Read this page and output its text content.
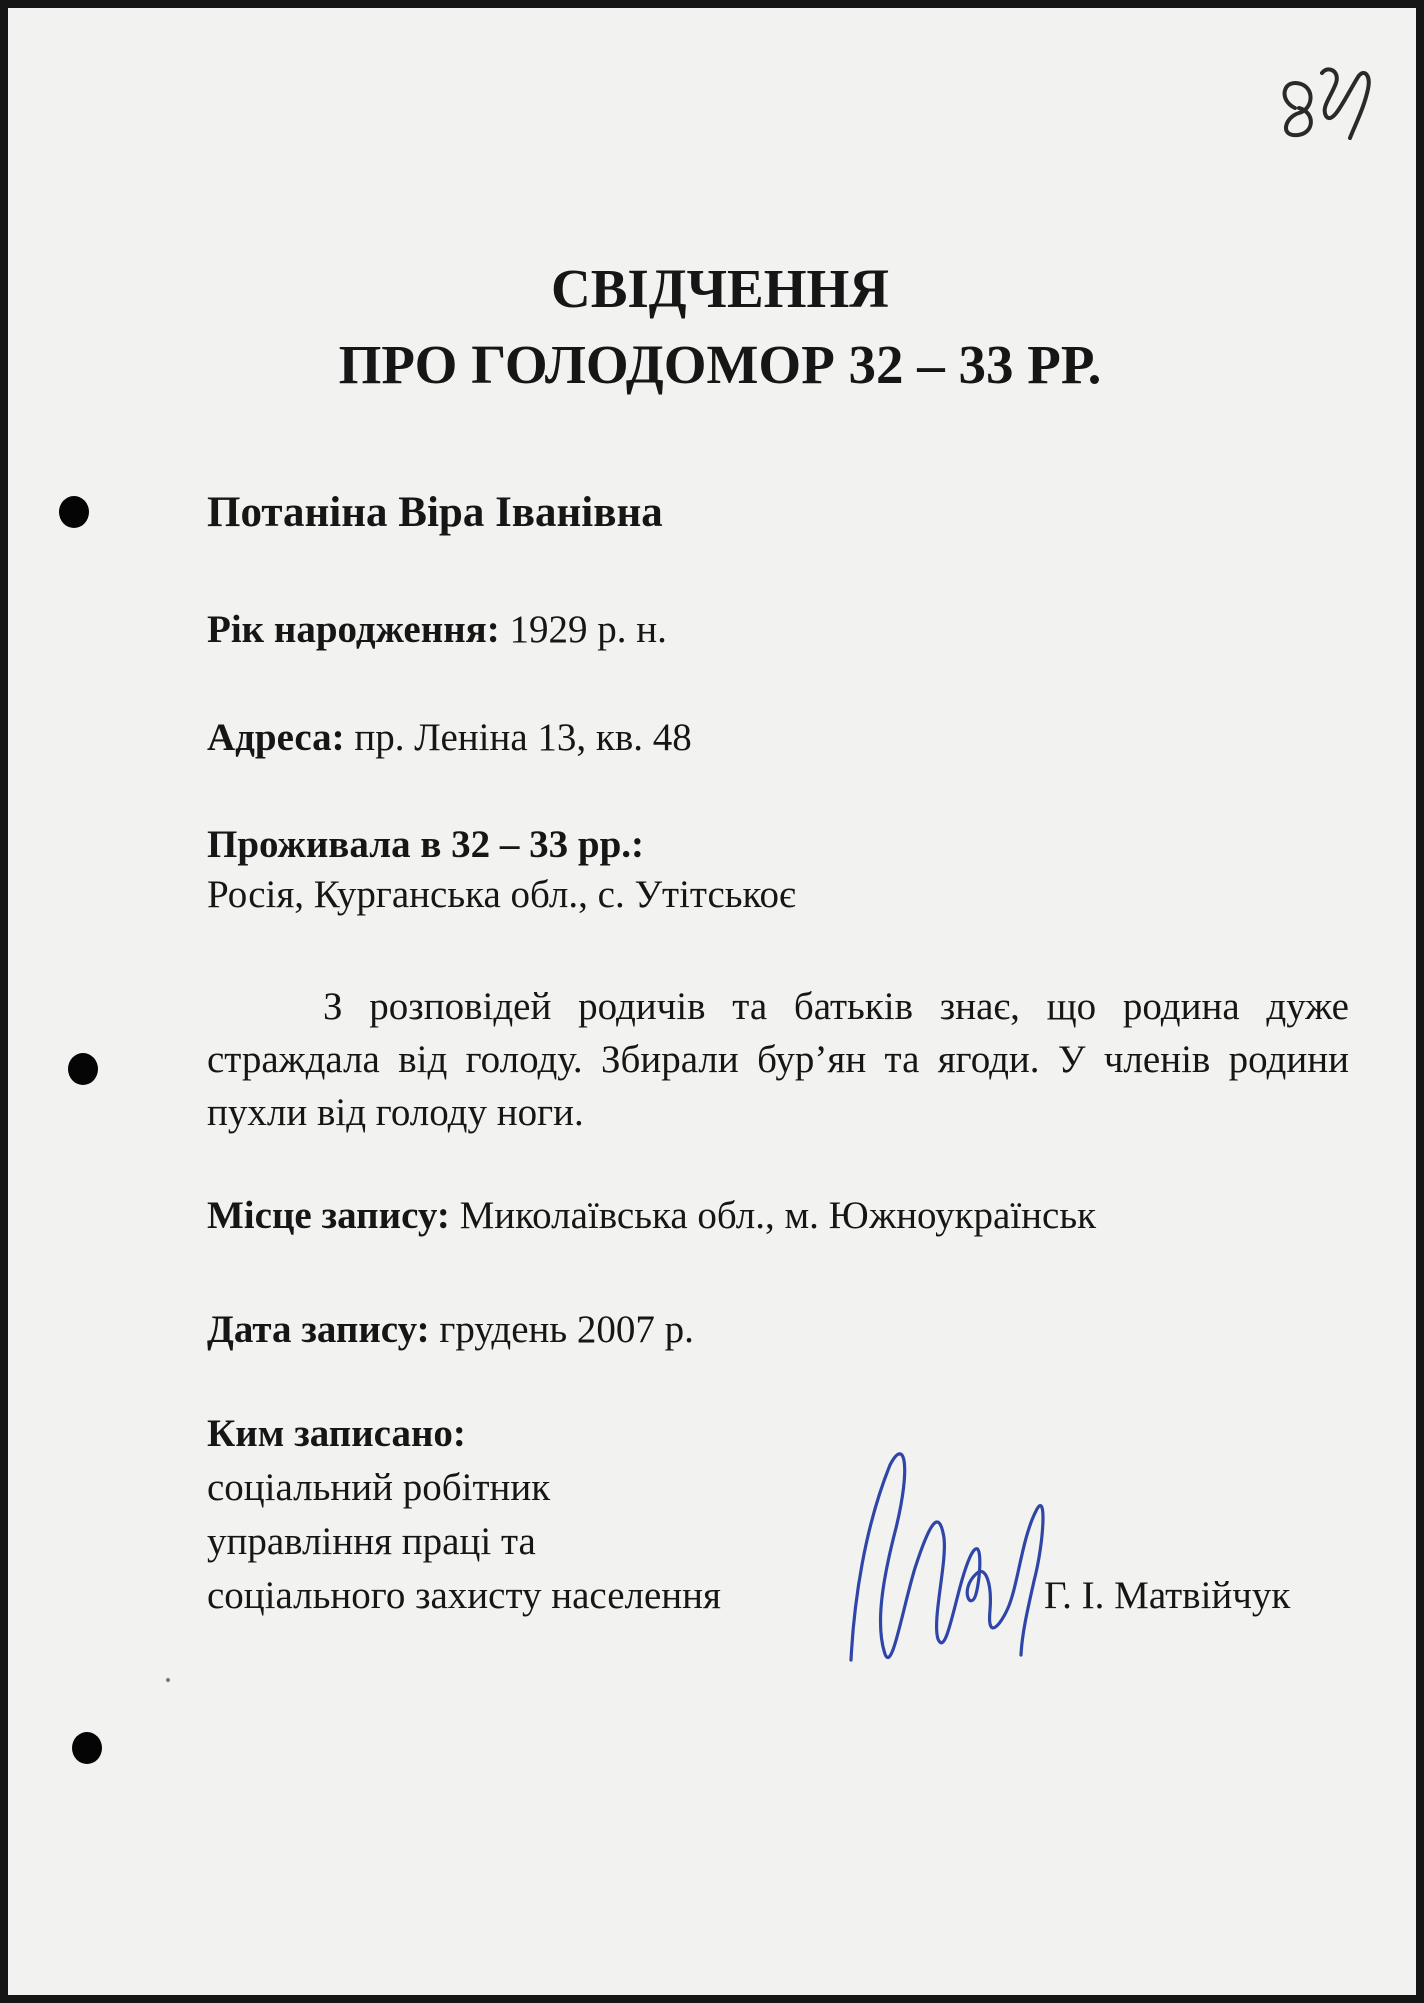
СВІДЧЕННЯ
ПРО ГОЛОДОМОР 32 – 33 РР.
Потаніна Віра Іванівна
Рік народження: 1929 р. н.
Адреса: пр. Леніна 13, кв. 48
Проживала в 32 – 33 рр.:
Росія, Курганська обл., с. Утітськоє

З розповідей родичів та батьків знає, що родина дуже страждала від голоду. Збирали бур’ян та ягоди. У членів родини пухли від голоду ноги.

Місце запису: Миколаївська обл., м. Южноукраїнськ
Дата запису: грудень 2007 р.
Ким записано:
соціальний робітник
управління праці та
соціального захисту населення	Г. І. Матвійчук
